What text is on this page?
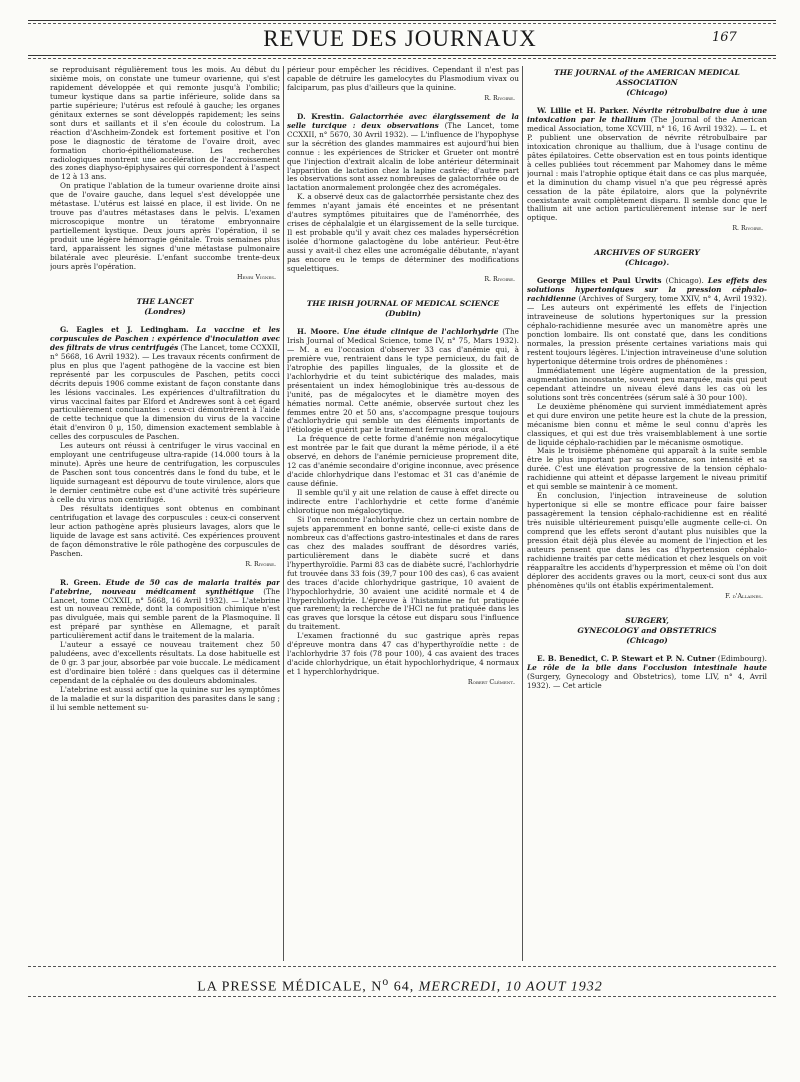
REVUE DES JOURNAUX	167

se reproduisant régulièrement tous les mois. Au début du sixième mois, on constate une tumeur ovarienne, qui s'est rapidement développée et qui remonte jusqu'à l'ombilic; tumeur kystique dans sa partie inférieure, solide dans sa partie supérieure; l'utérus est refoulé à gauche; les organes génitaux externes se sont développés rapidement; les seins sont durs et saillants et il s'en écoule du colostrum. La réaction d'Aschheim-Zondek est fortement positive et l'on pose le diagnostic de tératome de l'ovaire droit, avec formation chorio-épithéliomateuse. Les recherches radiologiques montrent une accélération de l'accroissement des zones diaphyso-épiphysaires qui correspondent à l'aspect de 12 à 13 ans.

On pratique l'ablation de la tumeur ovarienne droite ainsi que de l'ovaire gauche, dans lequel s'est développée une métastase. L'utérus est laissé en place, il est livide. On ne trouve pas d'autres métastases dans le pelvis. L'examen microscopique montre un tératome embryonnaire partiellement kystique. Deux jours après l'opération, il se produit une légère hémorragie génitale. Trois semaines plus tard, apparaissent les signes d'une métastase pulmonaire bilatérale avec pleurésie. L'enfant succombe trente-deux jours après l'opération.

Henri Vignes.
THE LANCET
(Londres)

G. Eagles et J. Ledingham. La vaccine et les corpuscules de Paschen : expérience d'inoculation avec des filtrats de virus centrifugés (The Lancet, tome CCXXII, n° 5668, 16 Avril 1932). — Les travaux récents confirment de plus en plus que l'agent pathogène de la vaccine est bien représenté par les corpuscules de Paschen, petits cocci décrits depuis 1906 comme existant de façon constante dans les lésions vaccinales. Les expériences d'ultrafiltration du virus vaccinal faites par Elford et Andrewes sont à cet égard particulièrement concluantes : ceux-ci démontrèrent à l'aide de cette technique que la dimension du virus de la vaccine était d'environ 0 µ, 150, dimension exactement semblable à celles des corpuscules de Paschen.

Les auteurs ont réussi à centrifuger le virus vaccinal en employant une centrifugeuse ultra-rapide (14.000 tours à la minute). Après une heure de centrifugation, les corpuscules de Paschen sont tous concentrés dans le fond du tube, et le liquide surnageant est dépourvu de toute virulence, alors que le dernier centimètre cube est d'une activité très supérieure à celle du virus non centrifugé.

Des résultats identiques sont obtenus en combinant centrifugation et lavage des corpuscules : ceux-ci conservent leur action pathogène après plusieurs lavages, alors que le liquide de lavage est sans activité. Ces expériences prouvent de façon démonstrative le rôle pathogène des corpuscules de Paschen.

R. Rivoire.

R. Green. Etude de 50 cas de malaria traités par l'atebrine, nouveau médicament synthétique (The Lancet, tome CCXXII, n° 5668, 16 Avril 1932). — L'atebrine est un nouveau remède, dont la composition chimique n'est pas divulguée, mais qui semble parent de la Plasmoquine. Il est préparé par synthèse en Allemagne, et paraît particulièrement actif dans le traitement de la malaria.

L'auteur a essayé ce nouveau traitement chez 50 paludéens, avec d'excellents résultats. La dose habituelle est de 0 gr. 3 par jour, absorbée par voie buccale. Le médicament est d'ordinaire bien toléré : dans quelques cas il détermine cependant de la céphalée ou des douleurs abdominales.

L'atebrine est aussi actif que la quinine sur les symptômes de la maladie et sur la disparition des parasites dans le sang ; il lui semble nettement su-

périeur pour empêcher les récidives. Cependant il n'est pas capable de détruire les gamelocytes du Plasmodium vivax ou falciparum, pas plus d'ailleurs que la quinine.

R. Rivoire.

D. Krestin. Galactorrhée avec élargissement de la selle turcique : deux observations (The Lancet, tome CCXXII, n° 5670, 30 Avril 1932). — L'influence de l'hypophyse sur la sécrétion des glandes mammaires est aujourd'hui bien connue : les expériences de Stricker et Grueter ont montré que l'injection d'extrait alcalin de lobe antérieur déterminait l'apparition de lactation chez la lapine castrée; d'autre part les observations sont assez nombreuses de galactorrhée ou de lactation anormalement prolongée chez des acromégales.

K. a observé deux cas de galactorrhée persistante chez des femmes n'ayant jamais été enceintes et ne présentant d'autres symptômes pituitaires que de l'aménorrhée, des crises de céphalalgie et un élargissement de la selle turcique. Il est probable qu'il y avait chez ces malades hypersécrétion isolée d'hormone galactogène du lobe antérieur. Peut-être aussi y avait-il chez elles une acromégalie débutante, n'ayant pas encore eu le temps de déterminer des modifications squelettiques.

R. Rivoire.
THE IRISH JOURNAL OF MEDICAL SCIENCE
(Dublin)

H. Moore. Une étude clinique de l'achlorhydrie (The Irish Journal of Medical Science, tome IV, n° 75, Mars 1932). — M. a eu l'occasion d'observer 33 cas d'anémie qui, à première vue, rentraient dans le type pernicieux, du fait de l'atrophie des papilles linguales, de la glossite et de l'achlorhydrie et du teint subictérique des malades, mais présentaient un index hémoglobinique très au-dessous de l'unité, pas de mégalocytes et le diamètre moyen des hématies normal. Cette anémie, observée surtout chez les femmes entre 20 et 50 ans, s'accompagne presque toujours d'achlorhydrie qui semble un des éléments importants de l'étiologie et guérit par le traitement ferrugineux oral.

La fréquence de cette forme d'anémie non mégalocytique est montrée par le fait que durant la même période, il a été observé, en dehors de l'anémie pernicieuse proprement dite, 12 cas d'anémie secondaire d'origine inconnue, avec présence d'acide chlorhydrique dans l'estomac et 31 cas d'anémie de cause définie.

Il semble qu'il y ait une relation de cause à effet directe ou indirecte entre l'achlorhydrie et cette forme d'anémie chlorotique non mégalocytique.

Si l'on rencontre l'achlorhydrie chez un certain nombre de sujets apparemment en bonne santé, celle-ci existe dans de nombreux cas d'affections gastro-intestinales et dans de rares cas chez des malades souffrant de désordres variés, particulièrement dans le diabète sucré et dans l'hyperthyroïdie. Parmi 83 cas de diabète sucré, l'achlorhydrie fut trouvée dans 33 fois (39,7 pour 100 des cas), 6 cas avaient des traces d'acide chlorhydrique gastrique, 10 avaient de l'hypochlorhydrie, 30 avaient une acidité normale et 4 de l'hyperchlorhydrie. L'épreuve à l'histamine ne fut pratiquée que rarement; la recherche de l'HCl ne fut pratiquée dans les cas graves que lorsque la cétose eut disparu sous l'influence du traitement.

L'examen fractionné du suc gastrique après repas d'épreuve montra dans 47 cas d'hyperthyroïdie nette : de l'achlorhydrie 37 fois (78 pour 100), 4 cas avaient des traces d'acide chlorhydrique, un était hypochlorhydrique, 4 normaux et 1 hyperchlorhydrique.

Robert Clément.
THE JOURNAL of the AMERICAN MEDICAL ASSOCIATION
(Chicago)

W. Lillie et H. Parker. Névrite rétrobulbaire due à une intoxication par le thallium (The Journal of the American medical Association, tome XCVIII, n° 16, 16 Avril 1932). — L. et P. publient une observation de névrite rétrobulbaire par intoxication chronique au thallium, due à l'usage continu de pâtes épilatoires. Cette observation est en tous points identique à celles publiées tout récemment par Mahomey dans le même journal : mais l'atrophie optique était dans ce cas plus marquée, et la diminution du champ visuel n'a que peu régressé après cessation de la pâte épilatoire, alors que la polynévrite coexistante avait complètement disparu. Il semble donc que le thallium ait une action particulièrement intense sur le nerf optique.

R. Rivoire.
ARCHIVES OF SURGERY
(Chicago).

George Milles et Paul Urwits (Chicago). Les effets des solutions hypertoniques sur la pression céphalo-rachidienne (Archives of Surgery, tome XXIV, n° 4, Avril 1932). — Les auteurs ont expérimenté les effets de l'injection intraveineuse de solutions hypertoniques sur la pression céphalo-rachidienne mesurée avec un manomètre après une ponction lombaire. Ils ont constaté que, dans les conditions normales, la pression présente certaines variations mais qui restent toujours légères. L'injection intraveineuse d'une solution hypertonique détermine trois ordres de phénomènes :

Immédiatement une légère augmentation de la pression, augmentation inconstante, souvent peu marquée, mais qui peut cependant atteindre un niveau élevé dans les cas où les solutions sont très concentrées (sérum salé à 30 pour 100).

Le deuxième phénomène qui survient immédiatement après et qui dure environ une petite heure est la chute de la pression, mécanisme bien connu et même le seul connu d'après les classiques, et qui est due très vraisemblablement à une sortie de liquide céphalo-rachidien par le mécanisme osmotique.

Mais le troisième phénomène qui apparaît à la suite semble être le plus important par sa constance, son intensité et sa durée. C'est une élévation progressive de la tension céphalo-rachidienne qui atteint et dépasse largement le niveau primitif et qui semble se maintenir à ce moment.

En conclusion, l'injection intraveineuse de solution hypertonique si elle se montre efficace pour faire baisser passagèrement la tension céphalo-rachidienne est en réalité très nuisible ultérieurement puisqu'elle augmente celle-ci. On comprend que les effets seront d'autant plus nuisibles que la pression était déjà plus élevée au moment de l'injection et les auteurs pensent que dans les cas d'hypertension céphalo-rachidienne traités par cette médication et chez lesquels on voit réapparaître les accidents d'hyperpression et même où l'on doit déplorer des accidents graves ou la mort, ceux-ci sont dus aux phénomènes qu'ils ont établis expérimentalement.

F. d'Allaines.
SURGERY,
GYNECOLOGY and OBSTETRICS
(Chicago)

E. B. Benedict, C. P. Stewart et P. N. Cutner (Edimbourg). Le rôle de la bile dans l'occlusion intestinale haute (Surgery, Gynecology and Obstetrics), tome LIV, n° 4, Avril 1932). — Cet article

LA PRESSE MÉDICALE, $N^o$ 64, MERCREDI, 10 AOUT 1932
